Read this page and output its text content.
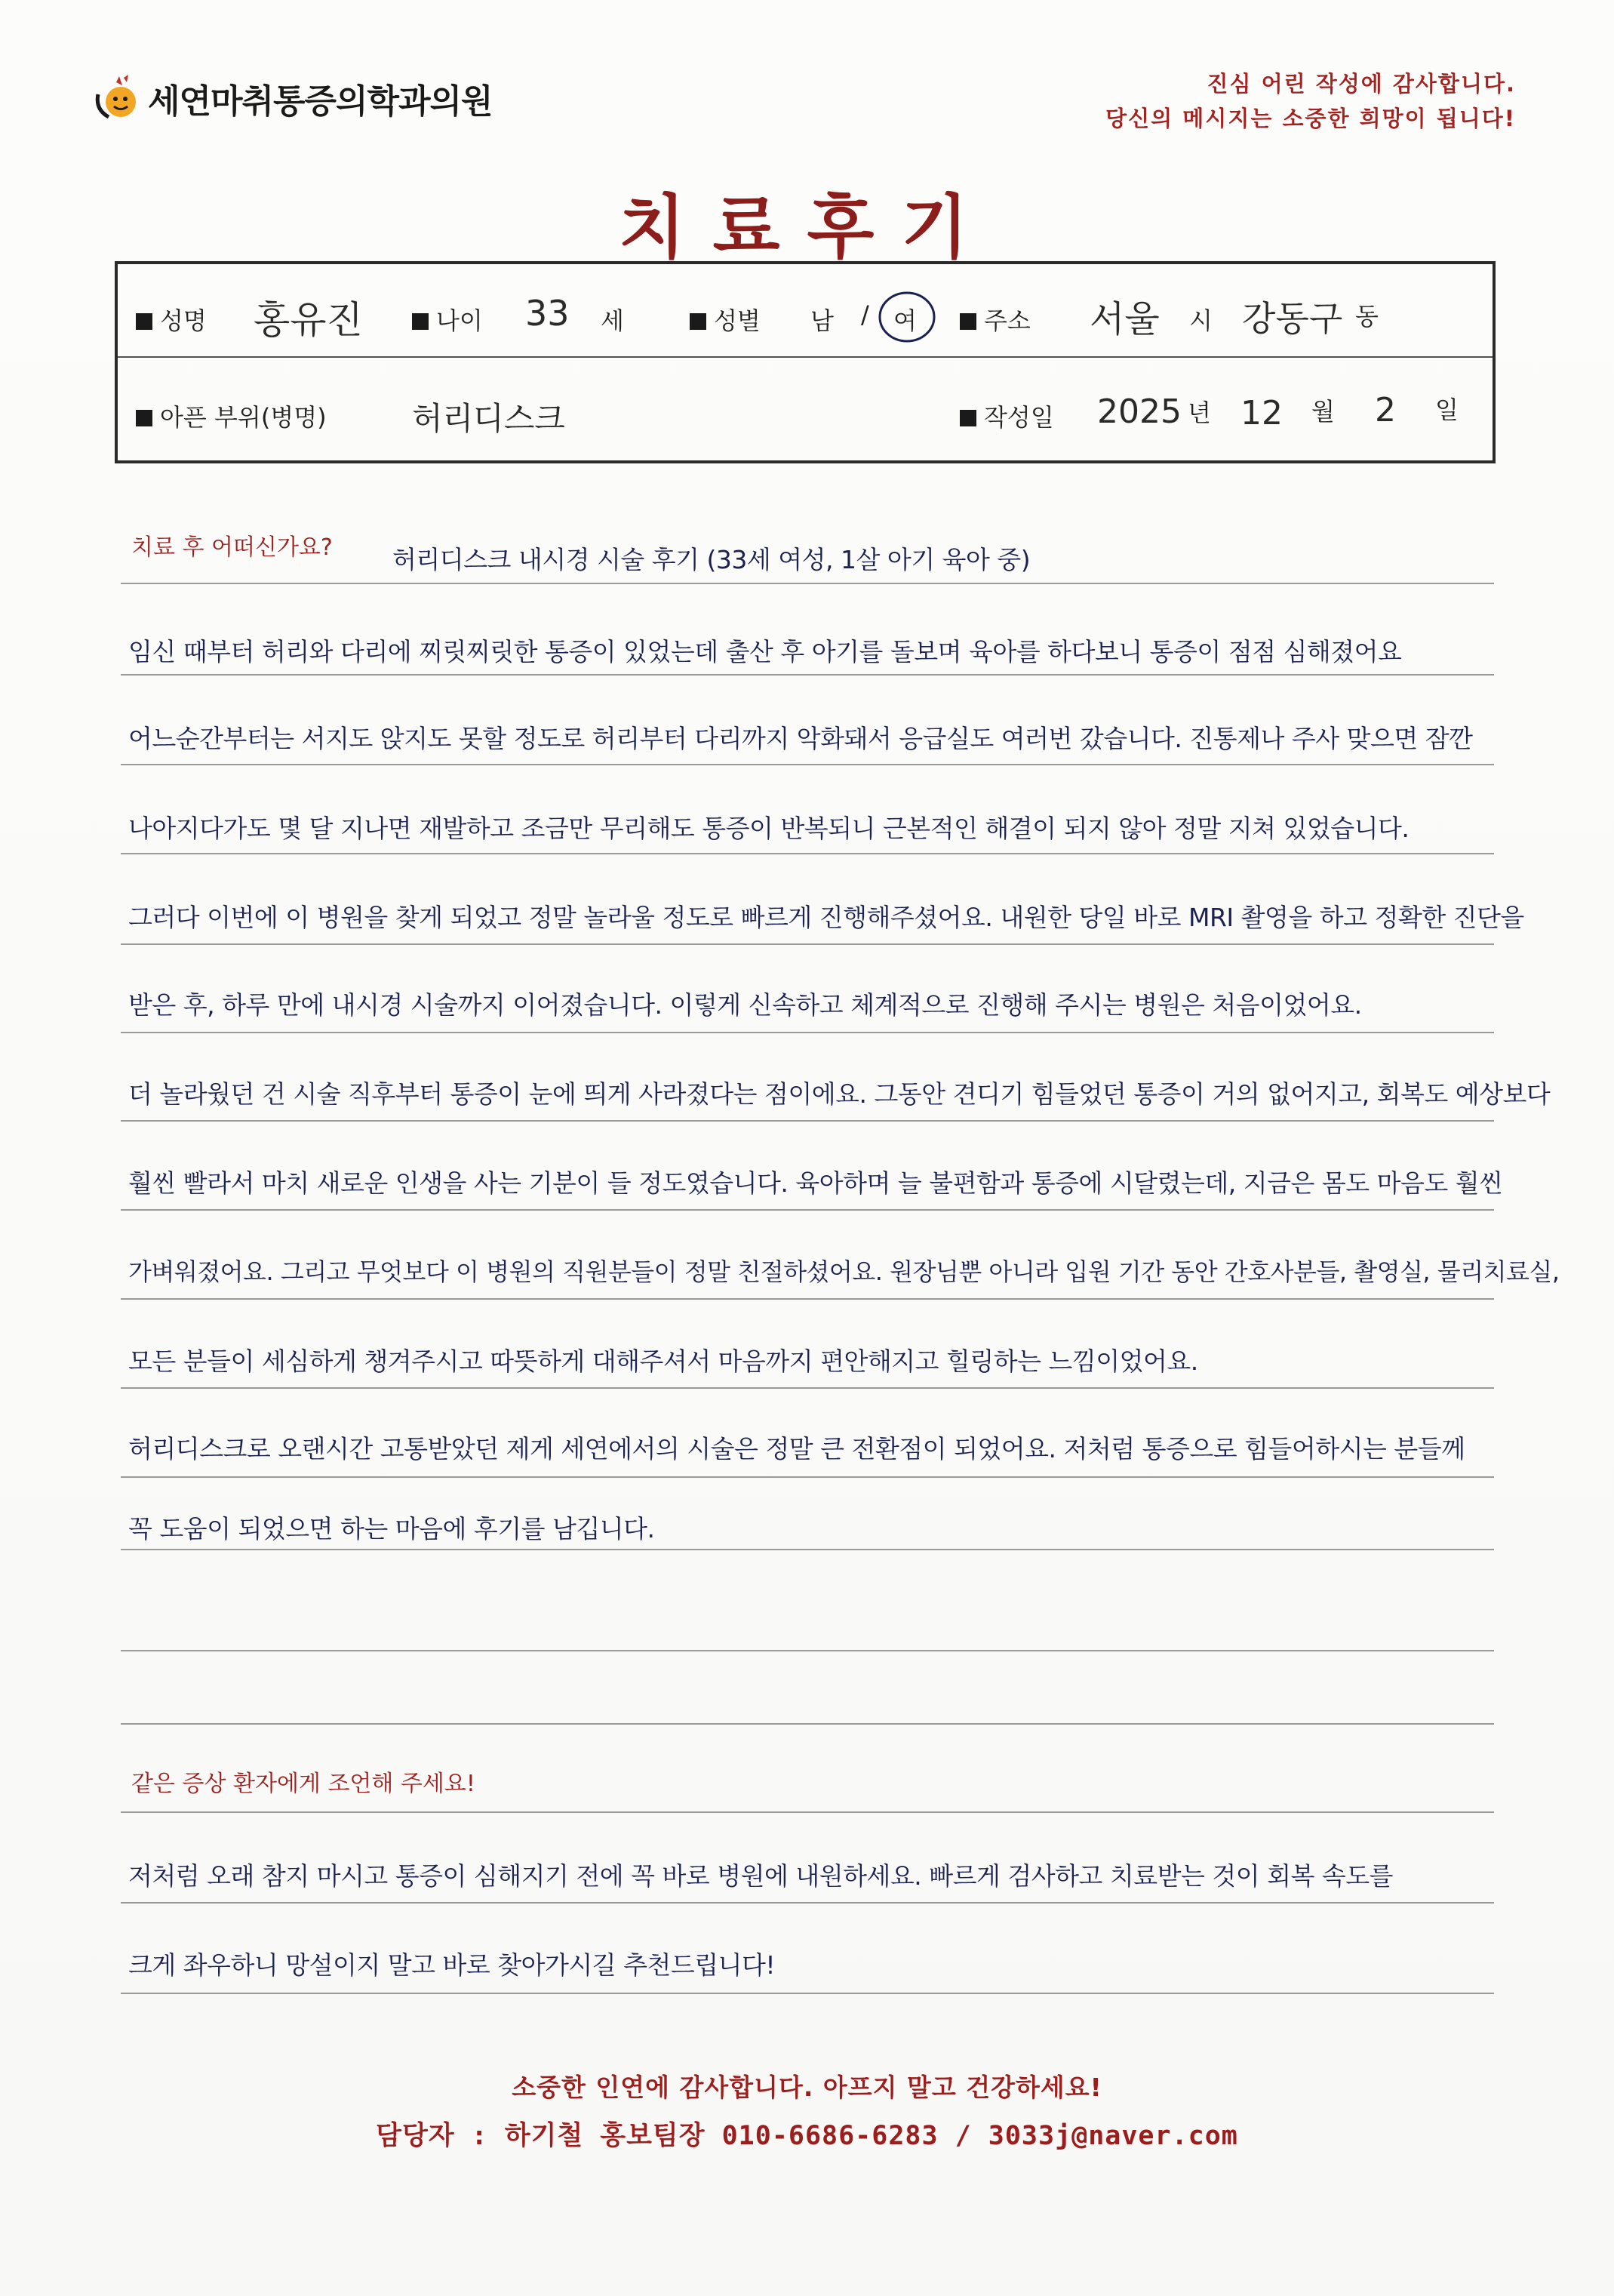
세연마취통증의학과의원	진심 어린 작성에 감사합니다.
당신의 메시지는 소중한 희망이 됩니다!
치료후기
성명 홍유진	나이 33 세	성별 남 / 여	주소 서울 시 강동구 동
아픈 부위(병명)	허리디스크	작성일 2025 년 12 월 2 일
치료 후 어떠신가요? 허리디스크 내시경 시술 후기 (33세 여성, 1살 아기 육아 중)
임신 때부터 허리와 다리에 찌릿찌릿한 통증이 있었는데 출산 후 아기를 돌보며 육아를 하다보니 통증이 점점 심해졌어요
어느순간부터는 서지도 앉지도 못할 정도로 허리부터 다리까지 악화돼서 응급실도 여러번 갔습니다. 진통제나 주사 맞으면 잠깐
나아지다가도 몇 달 지나면 재발하고 조금만 무리해도 통증이 반복되니 근본적인 해결이 되지 않아 정말 지쳐 있었습니다.
그러다 이번에 이 병원을 찾게 되었고 정말 놀라울 정도로 빠르게 진행해주셨어요. 내원한 당일 바로 MRI 촬영을 하고 정확한 진단을
받은 후, 하루 만에 내시경 시술까지 이어졌습니다. 이렇게 신속하고 체계적으로 진행해 주시는 병원은 처음이었어요.
더 놀라웠던 건 시술 직후부터 통증이 눈에 띄게 사라졌다는 점이에요. 그동안 견디기 힘들었던 통증이 거의 없어지고, 회복도 예상보다
훨씬 빨라서 마치 새로운 인생을 사는 기분이 들 정도였습니다. 육아하며 늘 불편함과 통증에 시달렸는데, 지금은 몸도 마음도 훨씬
가벼워졌어요. 그리고 무엇보다 이 병원의 직원분들이 정말 친절하셨어요. 원장님뿐 아니라 입원 기간 동안 간호사분들, 촬영실, 물리치료실,
모든 분들이 세심하게 챙겨주시고 따뜻하게 대해주셔서 마음까지 편안해지고 힐링하는 느낌이었어요.
허리디스크로 오랜시간 고통받았던 제게 세연에서의 시술은 정말 큰 전환점이 되었어요. 저처럼 통증으로 힘들어하시는 분들께
꼭 도움이 되었으면 하는 마음에 후기를 남깁니다.
같은 증상 환자에게 조언해 주세요!
저처럼 오래 참지 마시고 통증이 심해지기 전에 꼭 바로 병원에 내원하세요. 빠르게 검사하고 치료받는 것이 회복 속도를
크게 좌우하니 망설이지 말고 바로 찾아가시길 추천드립니다!
소중한 인연에 감사합니다. 아프지 말고 건강하세요!
담당자 : 하기철 홍보팀장 010-6686-6283 / 3033j@naver.com
